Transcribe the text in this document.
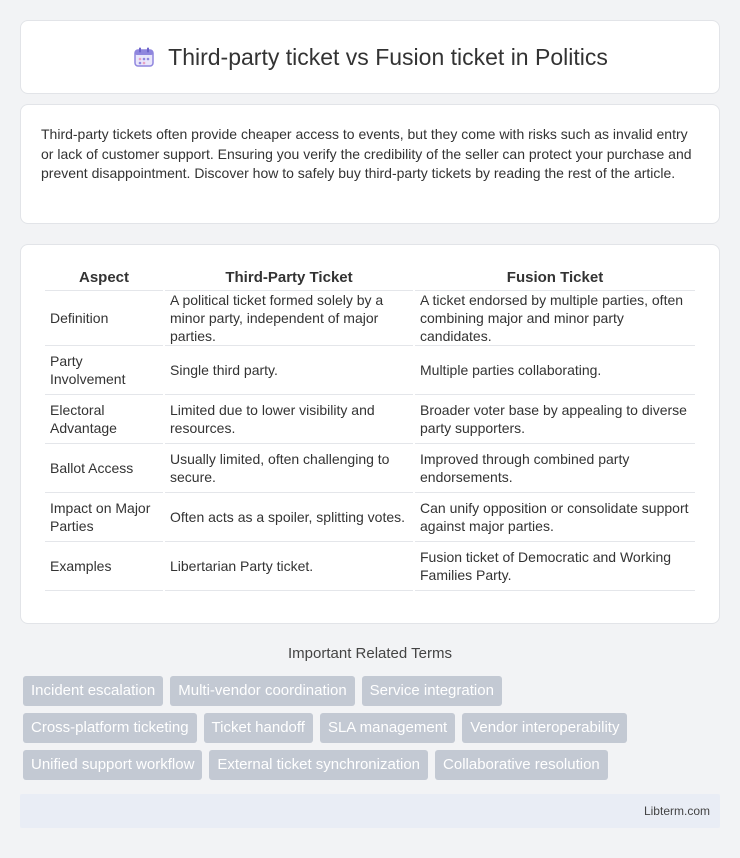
Third-party ticket vs Fusion ticket in Politics

Third-party tickets often provide cheaper access to events, but they come with risks such as invalid entry or lack of customer support. Ensuring you verify the credibility of the seller can protect your purchase and prevent disappointment. Discover how to safely buy third-party tickets by reading the rest of the article.

Aspect	Third-Party Ticket	Fusion Ticket
Definition	A political ticket formed solely by a minor party, independent of major parties.	A ticket endorsed by multiple parties, often combining major and minor party candidates.
Party Involvement	Single third party.	Multiple parties collaborating.
Electoral Advantage	Limited due to lower visibility and resources.	Broader voter base by appealing to diverse party supporters.
Ballot Access	Usually limited, often challenging to secure.	Improved through combined party endorsements.
Impact on Major Parties	Often acts as a spoiler, splitting votes.	Can unify opposition or consolidate support against major parties.
Examples	Libertarian Party ticket.	Fusion ticket of Democratic and Working Families Party.
Important Related Terms
Incident escalation	Multi-vendor coordination	Service integration
Cross-platform ticketing	Ticket handoff	SLA management	Vendor interoperability
Unified support workflow	External ticket synchronization	Collaborative resolution
Libterm.com
